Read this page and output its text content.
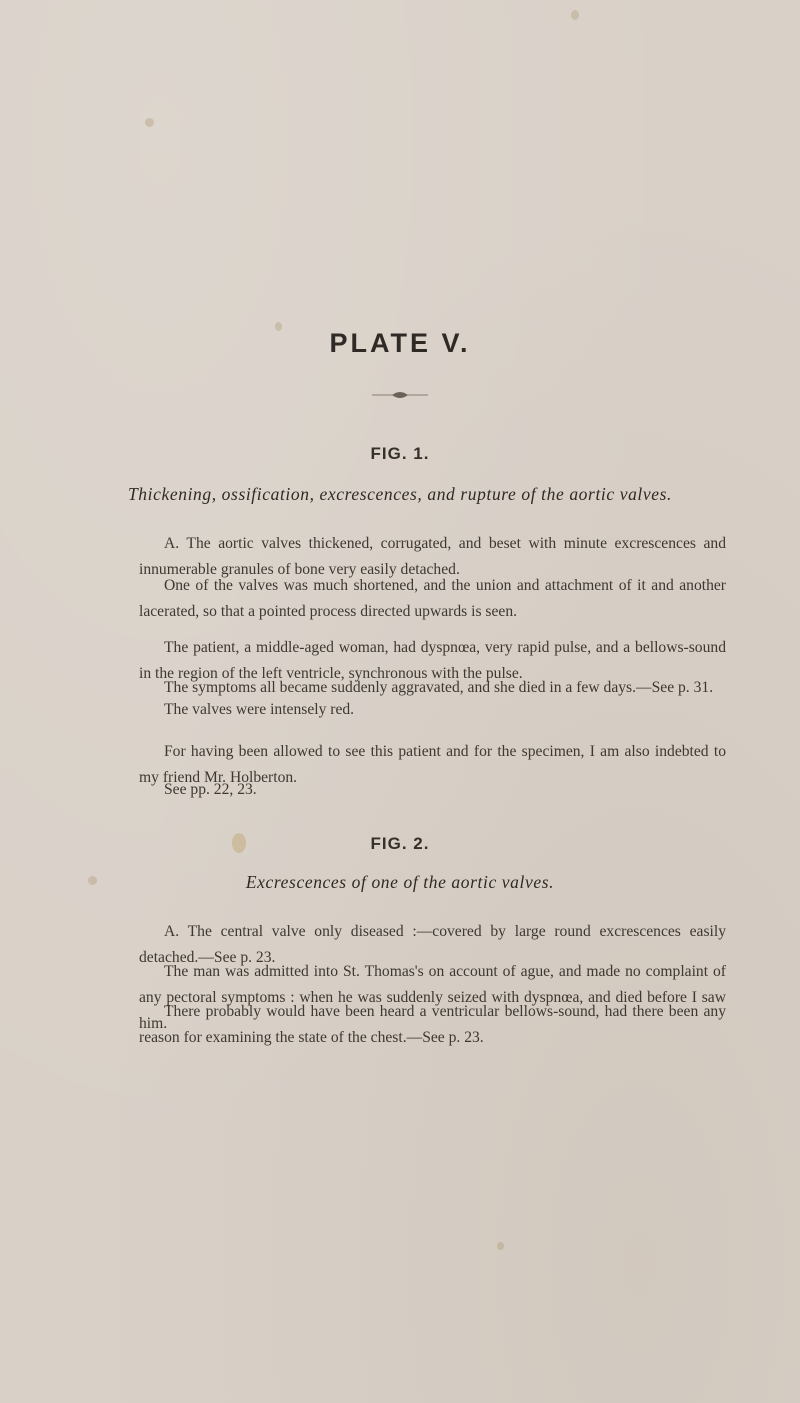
PLATE V.
FIG. 1.
Thickening, ossification, excrescences, and rupture of the aortic valves.

A. The aortic valves thickened, corrugated, and beset with minute excrescences and innumerable granules of bone very easily detached.

One of the valves was much shortened, and the union and attachment of it and another lacerated, so that a pointed process directed upwards is seen.

The patient, a middle-aged woman, had dyspnœa, very rapid pulse, and a bellows-sound in the region of the left ventricle, synchronous with the pulse.

The symptoms all became suddenly aggravated, and she died in a few days.—See p. 31.

The valves were intensely red.

For having been allowed to see this patient and for the specimen, I am also indebted to my friend Mr. Holberton.

See pp. 22, 23.

FIG. 2.
Excrescences of one of the aortic valves.

A. The central valve only diseased :—covered by large round excrescences easily detached.—See p. 23.

The man was admitted into St. Thomas's on account of ague, and made no complaint of any pectoral symptoms : when he was suddenly seized with dyspnœa, and died before I saw him.

There probably would have been heard a ventricular bellows-sound, had there been any reason for examining the state of the chest.—See p. 23.
